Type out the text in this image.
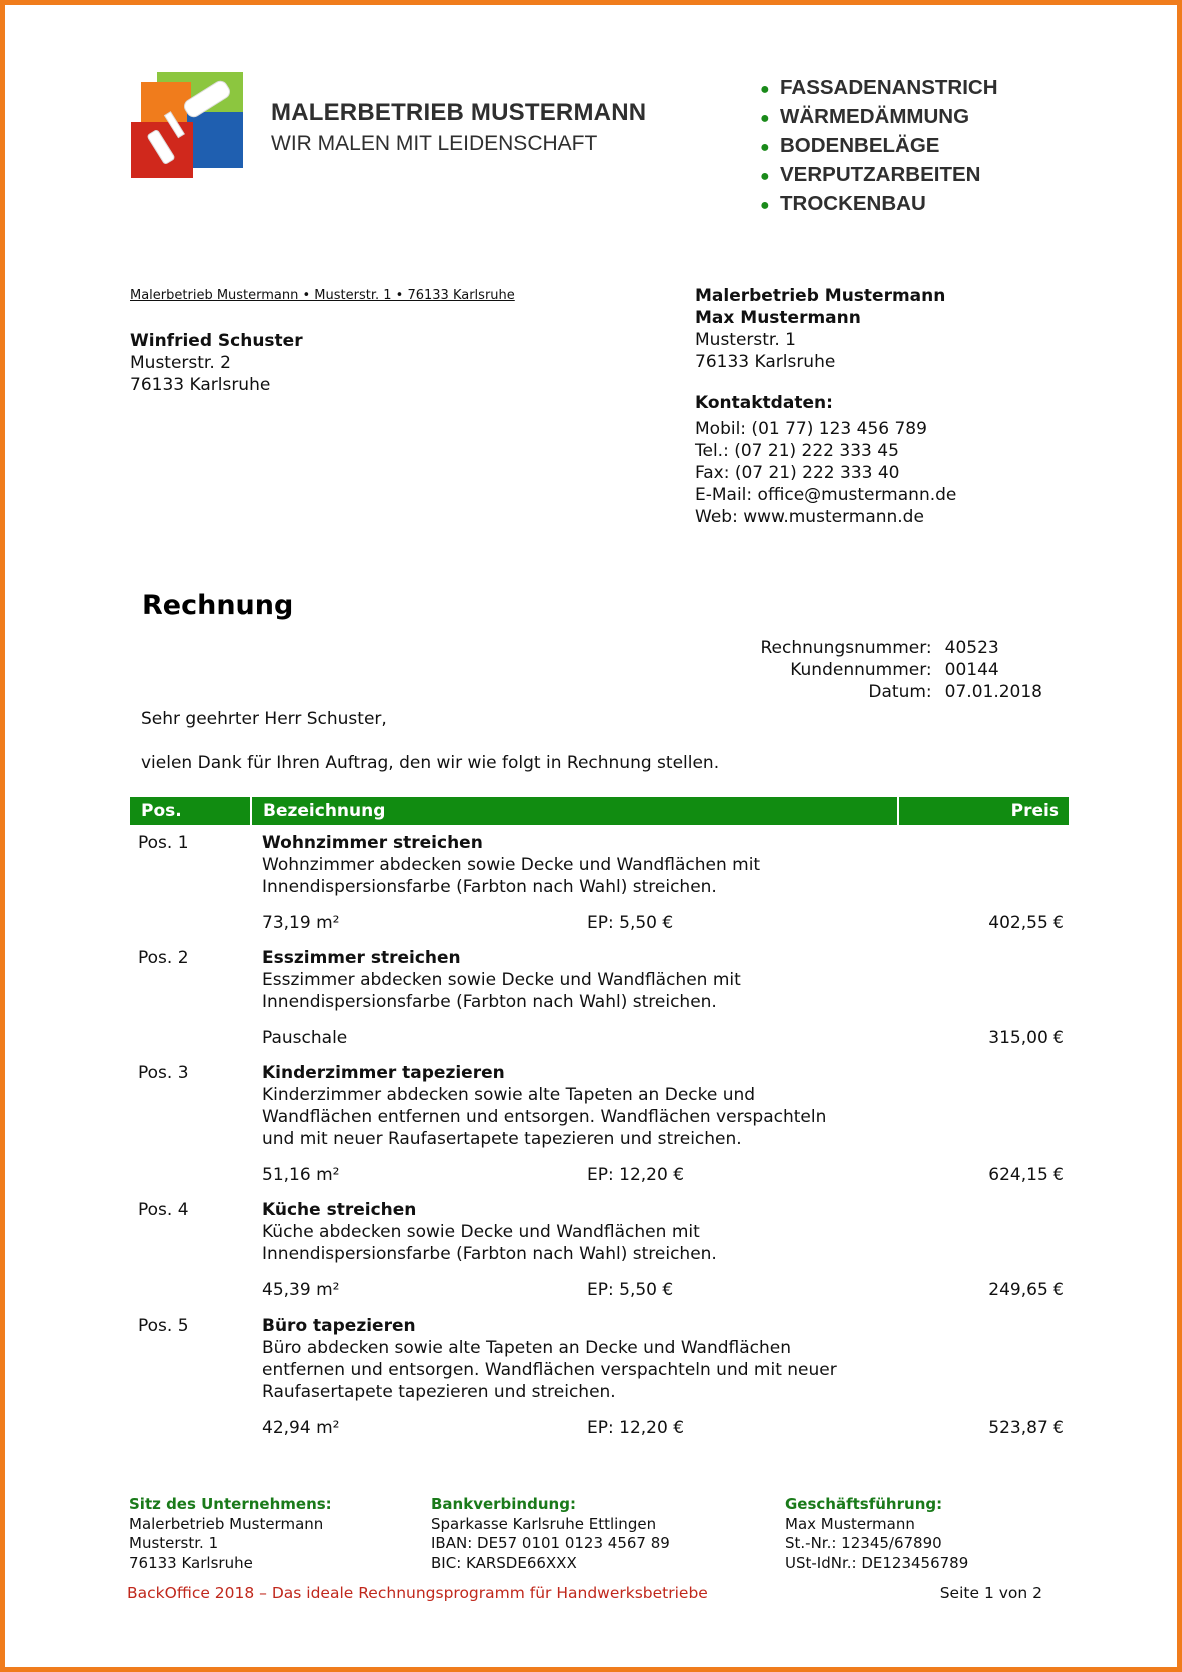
MALERBETRIEB MUSTERMANN
WIR MALEN MIT LEIDENSCHAFT
● FASSADENANSTRICH
● WÄRMEDÄMMUNG
● BODENBELÄGE
● VERPUTZARBEITEN
● TROCKENBAU
Malerbetrieb Mustermann • Musterstr. 1 • 76133 Karlsruhe
Winfried Schuster
Musterstr. 2
76133 Karlsruhe
Malerbetrieb Mustermann
Max Mustermann
Musterstr. 1
76133 Karlsruhe
Kontaktdaten:
Mobil: (01 77) 123 456 789
Tel.: (07 21) 222 333 45
Fax: (07 21) 222 333 40
E-Mail: office@mustermann.de
Web: www.mustermann.de
Rechnung
Rechnungsnummer:	40523
Kundennummer:	00144
Datum:	07.01.2018
Sehr geehrter Herr Schuster,
vielen Dank für Ihren Auftrag, den wir wie folgt in Rechnung stellen.
Pos.	Bezeichnung	Preis
Pos. 1	Wohnzimmer streichen
Wohnzimmer abdecken sowie Decke und Wandflächen mit
Innendispersionsfarbe (Farbton nach Wahl) streichen.
73,19 m²	EP: 5,50 €	402,55 €
Pos. 2	Esszimmer streichen
Esszimmer abdecken sowie Decke und Wandflächen mit
Innendispersionsfarbe (Farbton nach Wahl) streichen.
Pauschale	315,00 €
Pos. 3	Kinderzimmer tapezieren
Kinderzimmer abdecken sowie alte Tapeten an Decke und
Wandflächen entfernen und entsorgen. Wandflächen verspachteln
und mit neuer Raufasertapete tapezieren und streichen.
51,16 m²	EP: 12,20 €	624,15 €
Pos. 4	Küche streichen
Küche abdecken sowie Decke und Wandflächen mit
Innendispersionsfarbe (Farbton nach Wahl) streichen.
45,39 m²	EP: 5,50 €	249,65 €
Pos. 5	Büro tapezieren
Büro abdecken sowie alte Tapeten an Decke und Wandflächen
entfernen und entsorgen. Wandflächen verspachteln und mit neuer
Raufasertapete tapezieren und streichen.
42,94 m²	EP: 12,20 €	523,87 €
Sitz des Unternehmens:
Malerbetrieb Mustermann
Musterstr. 1
76133 Karlsruhe
Bankverbindung:
Sparkasse Karlsruhe Ettlingen
IBAN: DE57 0101 0123 4567 89
BIC: KARSDE66XXX
Geschäftsführung:
Max Mustermann
St.-Nr.: 12345/67890
USt-IdNr.: DE123456789
BackOffice 2018 – Das ideale Rechnungsprogramm für Handwerksbetriebe	Seite 1 von 2
